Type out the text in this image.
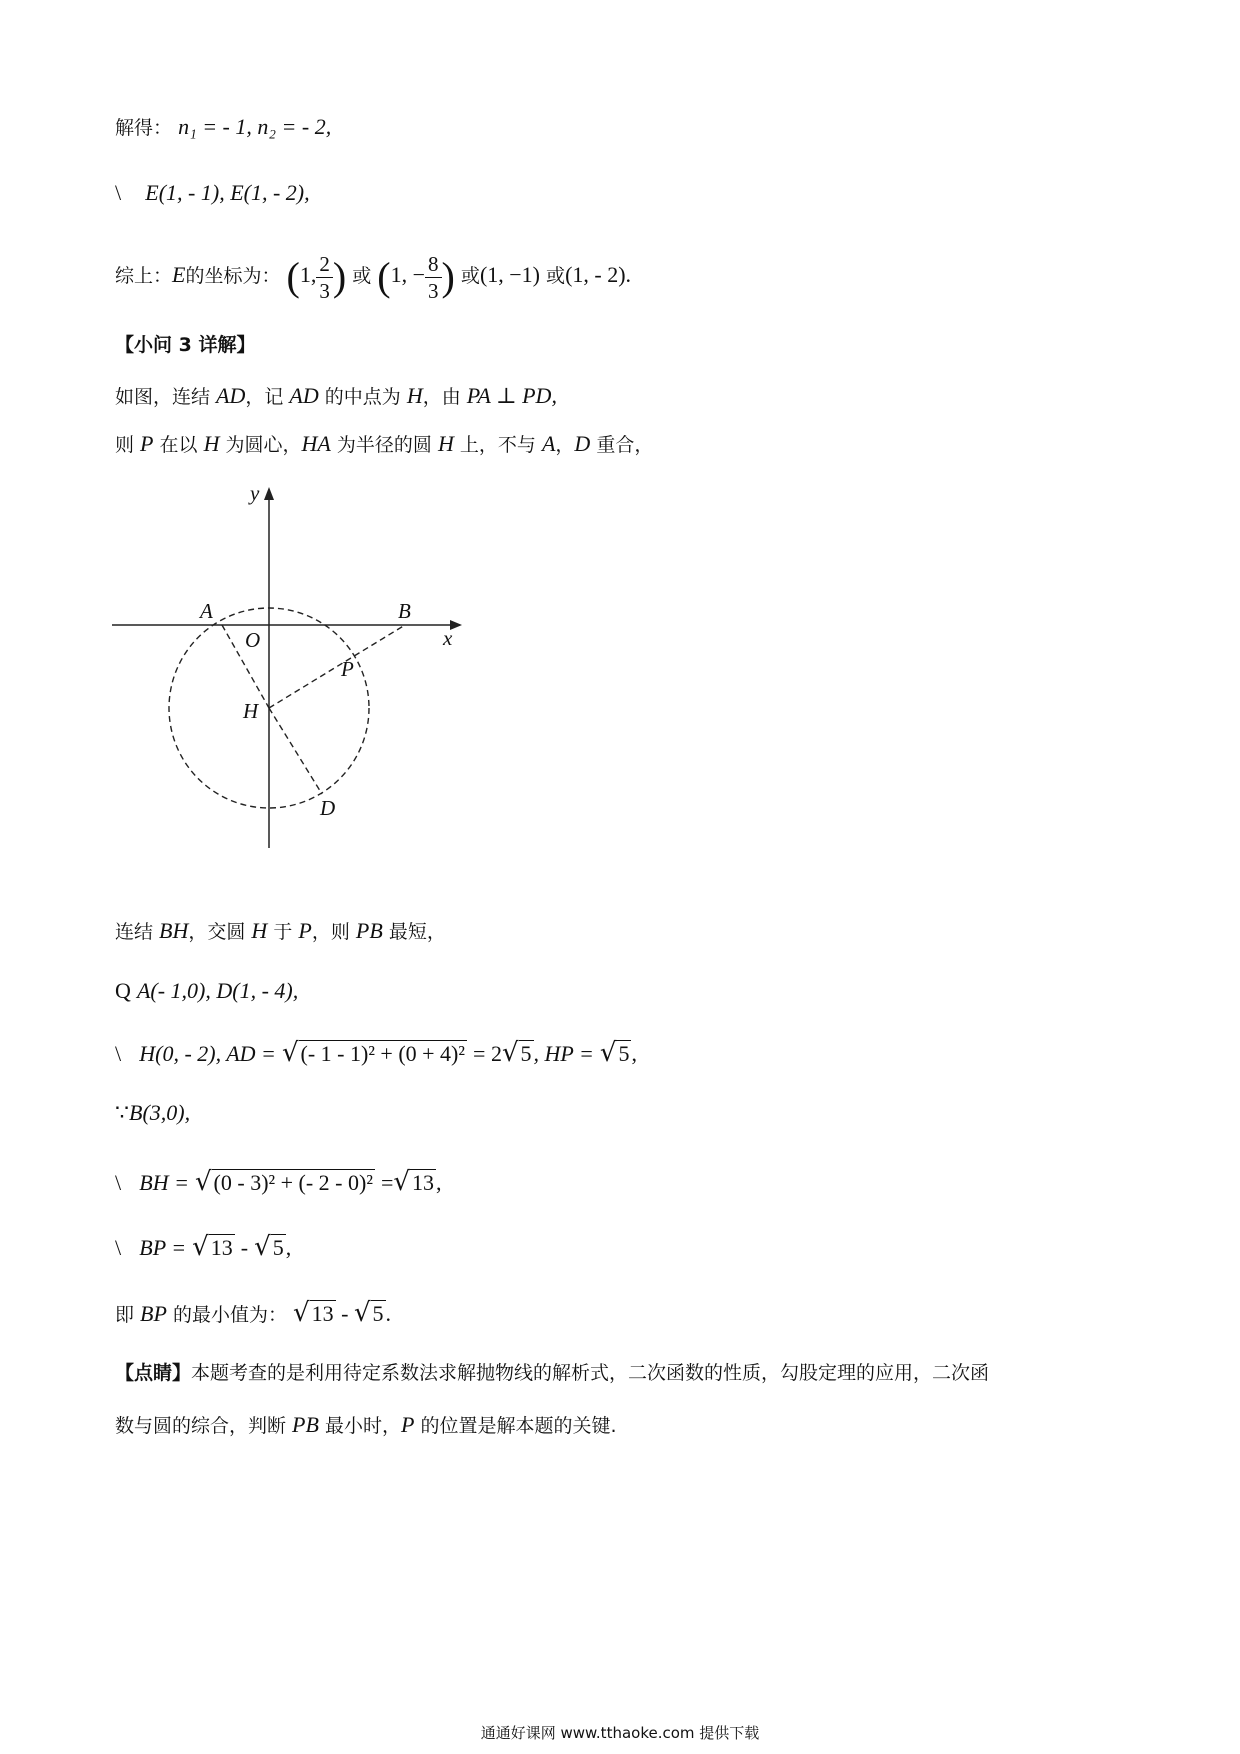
解得： n₁ = - 1, n₂ = - 2,
\ E(1, - 1), E(1, - 2),
综上：E的坐标为： (1, $\frac{2}{3}$ ) 或 (1, − $\frac{8}{3}$ ) 或(1, −1) 或(1, - 2).
【小问 3 详解】
如图，连结 AD，记 AD 的中点为 H，由 PA ⊥ PD,
则 P 在以 H 为圆心，HA 为半径的圆 H 上，不与 A，D 重合，
y
x
A	B
O
P
H
D
连结 BH，交圆 H 于 P，则 PB 最短，
Q A(- 1,0), D(1, - 4),
\ H(0, - 2), AD = √(- 1 - 1)² + (0 + 4)² = 2√5, HP = √5,
∵B(3,0),
\ BH = √(0 - 3)² + (- 2 - 0)² =√13,
\ BP = √13 - √5,
即 BP 的最小值为： √13 - √5.
【点睛】本题考查的是利用待定系数法求解抛物线的解析式，二次函数的性质，勾股定理的应用，二次函
数与圆的综合，判断 PB 最小时，P 的位置是解本题的关键.
通通好课网 www.tthaoke.com 提供下载
